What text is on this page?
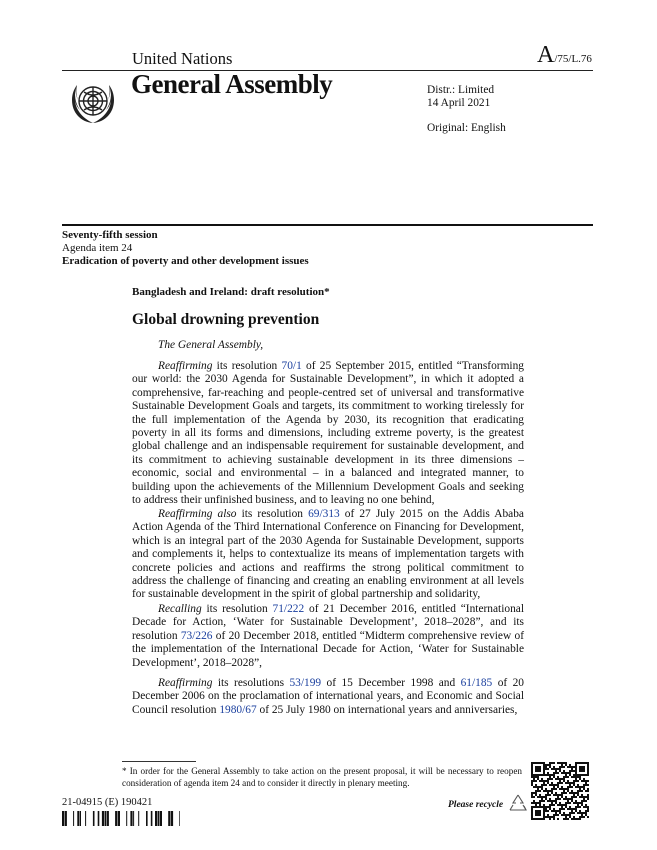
United Nations	A/75/L.76
General Assembly	Distr.: Limited
14 April 2021
Original: English
Seventy-fifth session
Agenda item 24
Eradication of poverty and other development issues
Bangladesh and Ireland: draft resolution*
Global drowning prevention
The General Assembly,
Reaffirming its resolution 70/1 of 25 September 2015, entitled “Transforming our world: the 2030 Agenda for Sustainable Development”, in which it adopted a comprehensive, far-reaching and people-centred set of universal and transformative Sustainable Development Goals and targets, its commitment to working tirelessly for the full implementation of the Agenda by 2030, its recognition that eradicating poverty in all its forms and dimensions, including extreme poverty, is the greatest global challenge and an indispensable requirement for sustainable development, and its commitment to achieving sustainable development in its three dimensions – economic, social and environmental – in a balanced and integrated manner, to building upon the achievements of the Millennium Development Goals and seeking to address their unfinished business, and to leaving no one behind,
Reaffirming also its resolution 69/313 of 27 July 2015 on the Addis Ababa Action Agenda of the Third International Conference on Financing for Development, which is an integral part of the 2030 Agenda for Sustainable Development, supports and complements it, helps to contextualize its means of implementation targets with concrete policies and actions and reaffirms the strong political commitment to address the challenge of financing and creating an enabling environment at all levels for sustainable development in the spirit of global partnership and solidarity,
Recalling its resolution 71/222 of 21 December 2016, entitled “International Decade for Action, ‘Water for Sustainable Development’, 2018–2028”, and its resolution 73/226 of 20 December 2018, entitled “Midterm comprehensive review of the implementation of the International Decade for Action, ‘Water for Sustainable Development’, 2018–2028”,
Reaffirming its resolutions 53/199 of 15 December 1998 and 61/185 of 20 December 2006 on the proclamation of international years, and Economic and Social Council resolution 1980/67 of 25 July 1980 on international years and anniversaries,
* In order for the General Assembly to take action on the present proposal, it will be necessary to reopen consideration of agenda item 24 and to consider it directly in plenary meeting.
21-04915 (E) 190421	Please recycle
